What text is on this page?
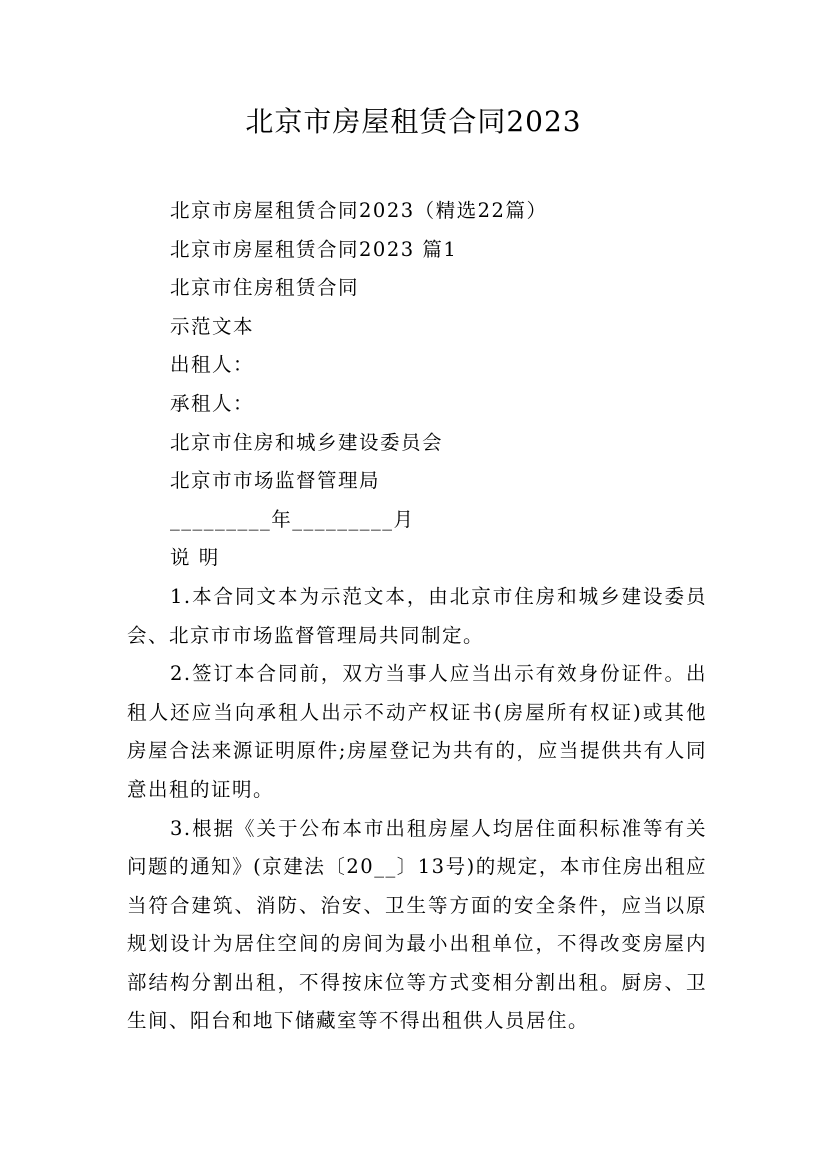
北京市房屋租赁合同2023
北京市房屋租赁合同2023（精选22篇）
北京市房屋租赁合同2023 篇1
北京市住房租赁合同
示范文本
出租人：
承租人：
北京市住房和城乡建设委员会
北京市市场监督管理局
_________年_________月
说 明
1.本合同文本为示范文本，由北京市住房和城乡建设委员会、北京市市场监督管理局共同制定。
2.签订本合同前，双方当事人应当出示有效身份证件。出租人还应当向承租人出示不动产权证书(房屋所有权证)或其他房屋合法来源证明原件;房屋登记为共有的，应当提供共有人同意出租的证明。
3.根据《关于公布本市出租房屋人均居住面积标准等有关问题的通知》(京建法〔20__〕13号)的规定，本市住房出租应当符合建筑、消防、治安、卫生等方面的安全条件，应当以原规划设计为居住空间的房间为最小出租单位，不得改变房屋内部结构分割出租，不得按床位等方式变相分割出租。厨房、卫生间、阳台和地下储藏室等不得出租供人员居住。
